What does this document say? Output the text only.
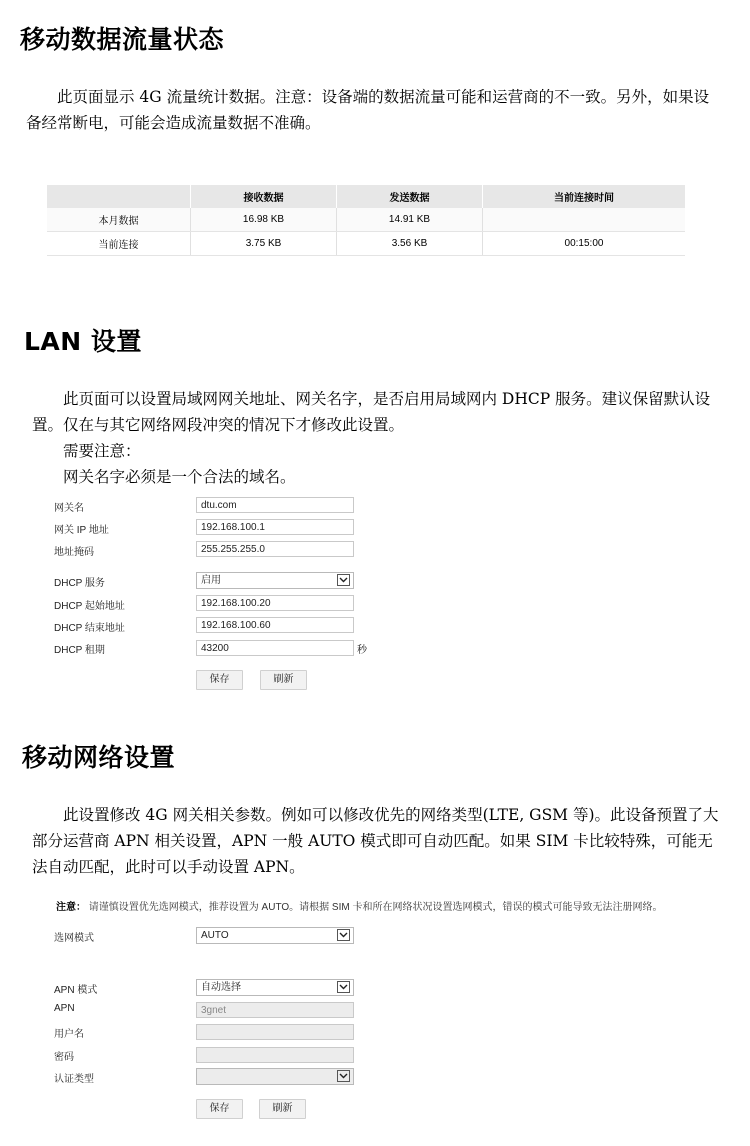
移动数据流量状态

此页面显示 4G 流量统计数据。注意：设备端的数据流量可能和运营商的不一致。另外，如果设备经常断电，可能会造成流量数据不准确。

	接收数据	发送数据	当前连接时间
本月数据	16.98 KB	14.91 KB	
当前连接	3.75 KB	3.56 KB	00:15:00
LAN 设置

此页面可以设置局域网网关地址、网关名字，是否启用局域网内 DHCP 服务。建议保留默认设置。仅在与其它网络网段冲突的情况下才修改此设置。

需要注意：

网关名字必须是一个合法的域名。

网关名	dtu.com
网关 IP 地址	192.168.100.1
地址掩码	255.255.255.0
DHCP 服务	启用
DHCP 起始地址	192.168.100.20
DHCP 结束地址	192.168.100.60
DHCP 租期	43200	秒
保存	刷新
移动网络设置

此设置修改 4G 网关相关参数。例如可以修改优先的网络类型(LTE, GSM 等)。此设备预置了大部分运营商 APN 相关设置，APN 一般 AUTO 模式即可自动匹配。如果 SIM 卡比较特殊，可能无法自动匹配，此时可以手动设置 APN。

注意： 请谨慎设置优先选网模式，推荐设置为 AUTO。请根据 SIM 卡和所在网络状况设置选网模式，错误的模式可能导致无法注册网络。
选网模式	AUTO
APN 模式	自动选择
APN	3gnet
用户名
密码
认证类型
保存	刷新
